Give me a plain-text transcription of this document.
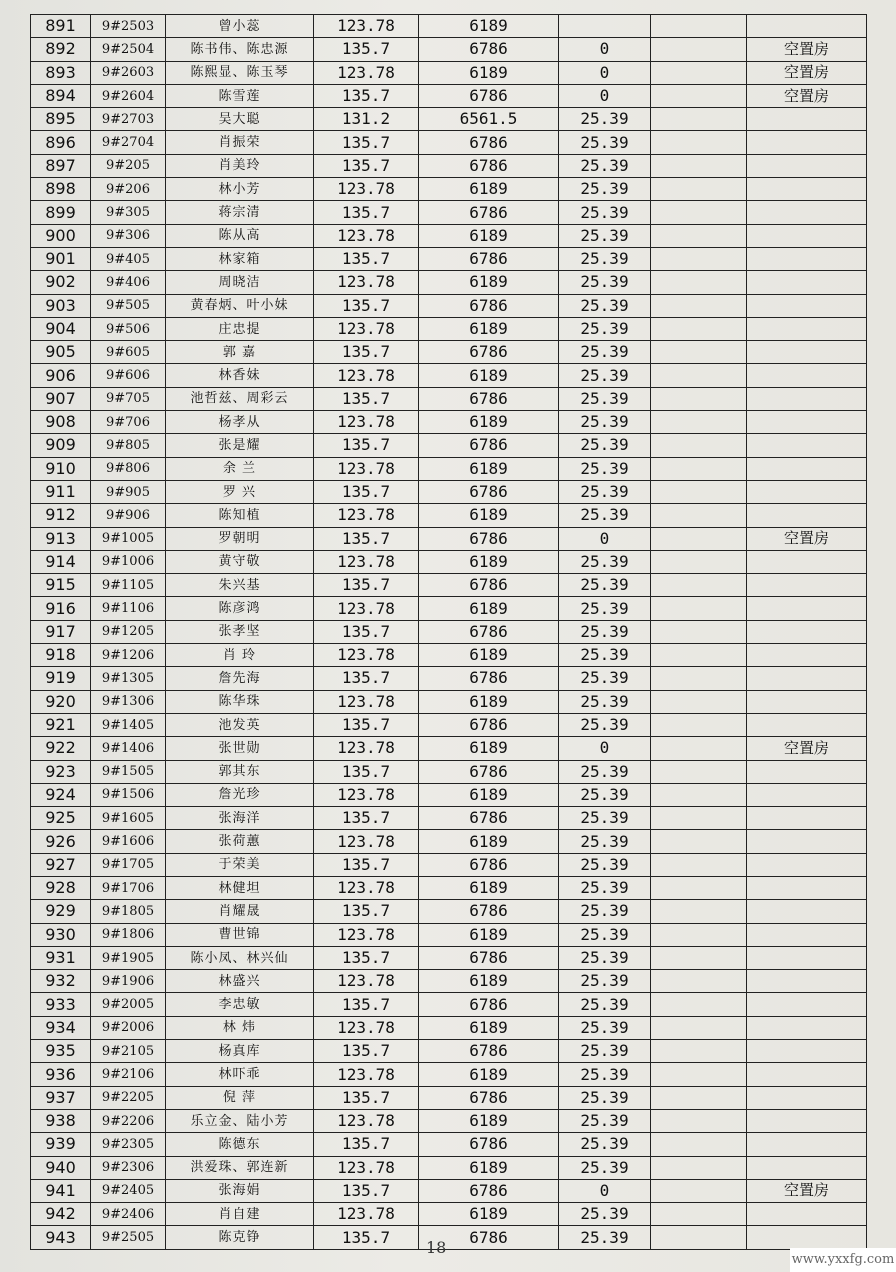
891	9#2503	曾小蕊	123.78	6189			
892	9#2504	陈书伟、陈忠源	135.7	6786	0		空置房
893	9#2603	陈熙显、陈玉琴	123.78	6189	0		空置房
894	9#2604	陈雪莲	135.7	6786	0		空置房
895	9#2703	吴大聪	131.2	6561.5	25.39		
896	9#2704	肖振荣	135.7	6786	25.39		
897	9#205	肖美玲	135.7	6786	25.39		
898	9#206	林小芳	123.78	6189	25.39		
899	9#305	蒋宗清	135.7	6786	25.39		
900	9#306	陈从高	123.78	6189	25.39		
901	9#405	林家箱	135.7	6786	25.39		
902	9#406	周晓洁	123.78	6189	25.39		
903	9#505	黄春炳、叶小妹	135.7	6786	25.39		
904	9#506	庄忠提	123.78	6189	25.39		
905	9#605	郭 嘉	135.7	6786	25.39		
906	9#606	林香妹	123.78	6189	25.39		
907	9#705	池哲兹、周彩云	135.7	6786	25.39		
908	9#706	杨孝从	123.78	6189	25.39		
909	9#805	张是耀	135.7	6786	25.39		
910	9#806	余 兰	123.78	6189	25.39		
911	9#905	罗 兴	135.7	6786	25.39		
912	9#906	陈知植	123.78	6189	25.39		
913	9#1005	罗朝明	135.7	6786	0		空置房
914	9#1006	黄守敬	123.78	6189	25.39		
915	9#1105	朱兴基	135.7	6786	25.39		
916	9#1106	陈彦鸿	123.78	6189	25.39		
917	9#1205	张孝坚	135.7	6786	25.39		
918	9#1206	肖 玲	123.78	6189	25.39		
919	9#1305	詹先海	135.7	6786	25.39		
920	9#1306	陈华珠	123.78	6189	25.39		
921	9#1405	池发英	135.7	6786	25.39		
922	9#1406	张世勋	123.78	6189	0		空置房
923	9#1505	郭其东	135.7	6786	25.39		
924	9#1506	詹光珍	123.78	6189	25.39		
925	9#1605	张海洋	135.7	6786	25.39		
926	9#1606	张荷蕙	123.78	6189	25.39		
927	9#1705	于荣美	135.7	6786	25.39		
928	9#1706	林健坦	123.78	6189	25.39		
929	9#1805	肖耀晟	135.7	6786	25.39		
930	9#1806	曹世锦	123.78	6189	25.39		
931	9#1905	陈小凤、林兴仙	135.7	6786	25.39		
932	9#1906	林盛兴	123.78	6189	25.39		
933	9#2005	李忠敏	135.7	6786	25.39		
934	9#2006	林 炜	123.78	6189	25.39		
935	9#2105	杨真库	135.7	6786	25.39		
936	9#2106	林吓乖	123.78	6189	25.39		
937	9#2205	倪 萍	135.7	6786	25.39		
938	9#2206	乐立金、陆小芳	123.78	6189	25.39		
939	9#2305	陈德东	135.7	6786	25.39		
940	9#2306	洪爱珠、郭连新	123.78	6189	25.39		
941	9#2405	张海娟	135.7	6786	0		空置房
942	9#2406	肖自建	123.78	6189	25.39		
943	9#2505	陈克铮	135.7	6786	25.39		
18
www.yxxfg.com
